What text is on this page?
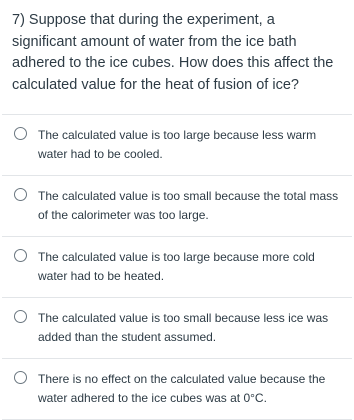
7) Suppose that during the experiment, a significant amount of water from the ice bath adhered to the ice cubes. How does this affect the calculated value for the heat of fusion of ice?
The calculated value is too large because less warm water had to be cooled.
The calculated value is too small because the total mass of the calorimeter was too large.
The calculated value is too large because more cold water had to be heated.
The calculated value is too small because less ice was added than the student assumed.
There is no effect on the calculated value because the water adhered to the ice cubes was at 0°C.
